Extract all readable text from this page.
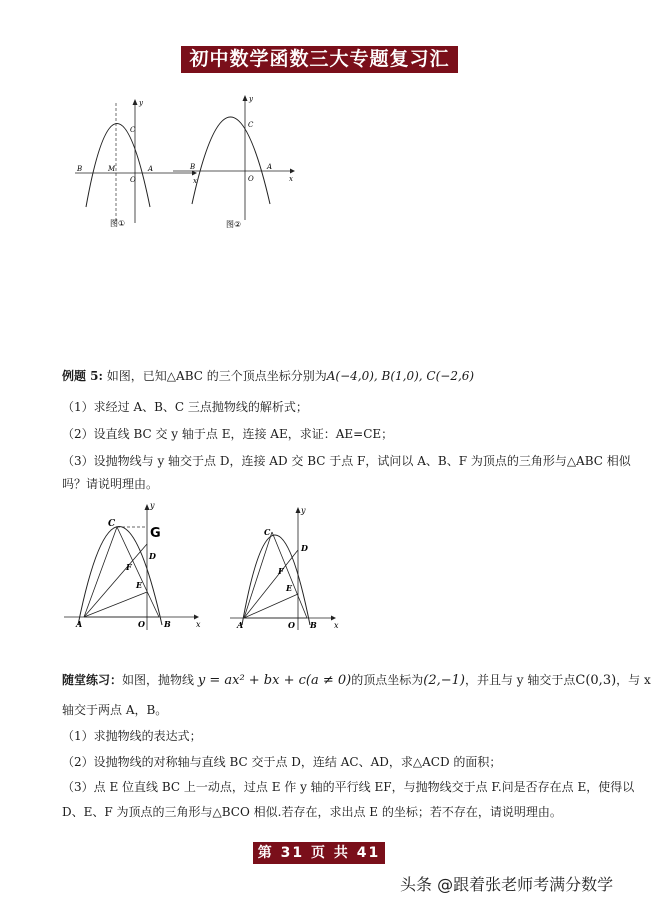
初中数学函数三大专题复习汇总
y
x
B	M
O
A
C
图①
y
x
B
O
A
C
图②
例题 5: 如图，已知△ABC 的三个顶点坐标分别为A(−4,0), B(1,0), C(−2,6)
（1）求经过 A、B、C 三点抛物线的解析式；
（2）设直线 BC 交 y 轴于点 E，连接 AE，求证：AE=CE；
（3）设抛物线与 y 轴交于点 D，连接 AD 交 BC 于点 F，试问以 A、B、F 为顶点的三角形与△ABC 相似
吗？请说明理由。
y
C
G
D
F
E
A	O B	x
y
C
D
F
E
A	O B x
随堂练习：如图，抛物线 y = ax² + bx + c(a ≠ 0)的顶点坐标为(2,−1)，并且与 y 轴交于点C(0,3)，与 x
轴交于两点 A，B。
（1）求抛物线的表达式；
（2）设抛物线的对称轴与直线 BC 交于点 D，连结 AC、AD，求△ACD 的面积；
（3）点 E 位直线 BC 上一动点，过点 E 作 y 轴的平行线 EF，与抛物线交于点 F.问是否存在点 E，使得以
D、E、F 为顶点的三角形与△BCO 相似.若存在，求出点 E 的坐标；若不存在，请说明理由。
第 31 页 共 41 页	头条 @跟着张老师考满分数学
